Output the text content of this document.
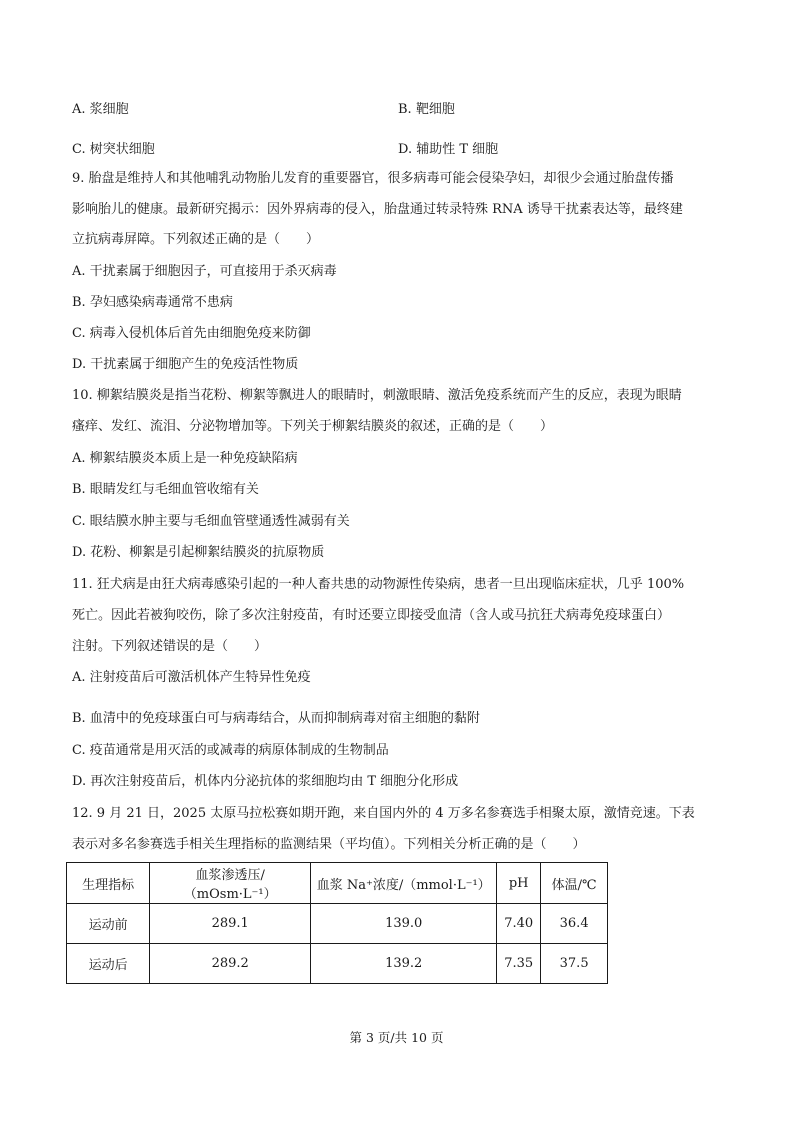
A. 浆细胞	B. 靶细胞
C. 树突状细胞	D. 辅助性 T 细胞
9. 胎盘是维持人和其他哺乳动物胎儿发育的重要器官，很多病毒可能会侵染孕妇，却很少会通过胎盘传播
影响胎儿的健康。最新研究揭示：因外界病毒的侵入，胎盘通过转录特殊 RNA 诱导干扰素表达等，最终建
立抗病毒屏障。下列叙述正确的是（　　）
A. 干扰素属于细胞因子，可直接用于杀灭病毒
B. 孕妇感染病毒通常不患病
C. 病毒入侵机体后首先由细胞免疫来防御
D. 干扰素属于细胞产生的免疫活性物质
10. 柳絮结膜炎是指当花粉、柳絮等飘进人的眼睛时，刺激眼睛、激活免疫系统而产生的反应，表现为眼睛
瘙痒、发红、流泪、分泌物增加等。下列关于柳絮结膜炎的叙述，正确的是（　　）
A. 柳絮结膜炎本质上是一种免疫缺陷病
B. 眼睛发红与毛细血管收缩有关
C. 眼结膜水肿主要与毛细血管壁通透性减弱有关
D. 花粉、柳絮是引起柳絮结膜炎的抗原物质
11. 狂犬病是由狂犬病毒感染引起的一种人畜共患的动物源性传染病，患者一旦出现临床症状，几乎 100%
死亡。因此若被狗咬伤，除了多次注射疫苗，有时还要立即接受血清（含人或马抗狂犬病毒免疫球蛋白）
注射。下列叙述错误的是（　　）
A. 注射疫苗后可激活机体产生特异性免疫
B. 血清中的免疫球蛋白可与病毒结合，从而抑制病毒对宿主细胞的黏附
C. 疫苗通常是用灭活的或减毒的病原体制成的生物制品
D. 再次注射疫苗后，机体内分泌抗体的浆细胞均由 T 细胞分化形成
12. 9 月 21 日，2025 太原马拉松赛如期开跑，来自国内外的 4 万多名参赛选手相聚太原，激情竞速。下表
表示对多名参赛选手相关生理指标的监测结果（平均值）。下列相关分析正确的是（　　）
生理指标	血浆渗透压/（mOsm·L⁻¹）	血浆 Na⁺浓度/（mmol·L⁻¹）	pH	体温/℃
运动前	289.1	139.0	7.40	36.4
运动后	289.2	139.2	7.35	37.5
第 3 页/共 10 页
